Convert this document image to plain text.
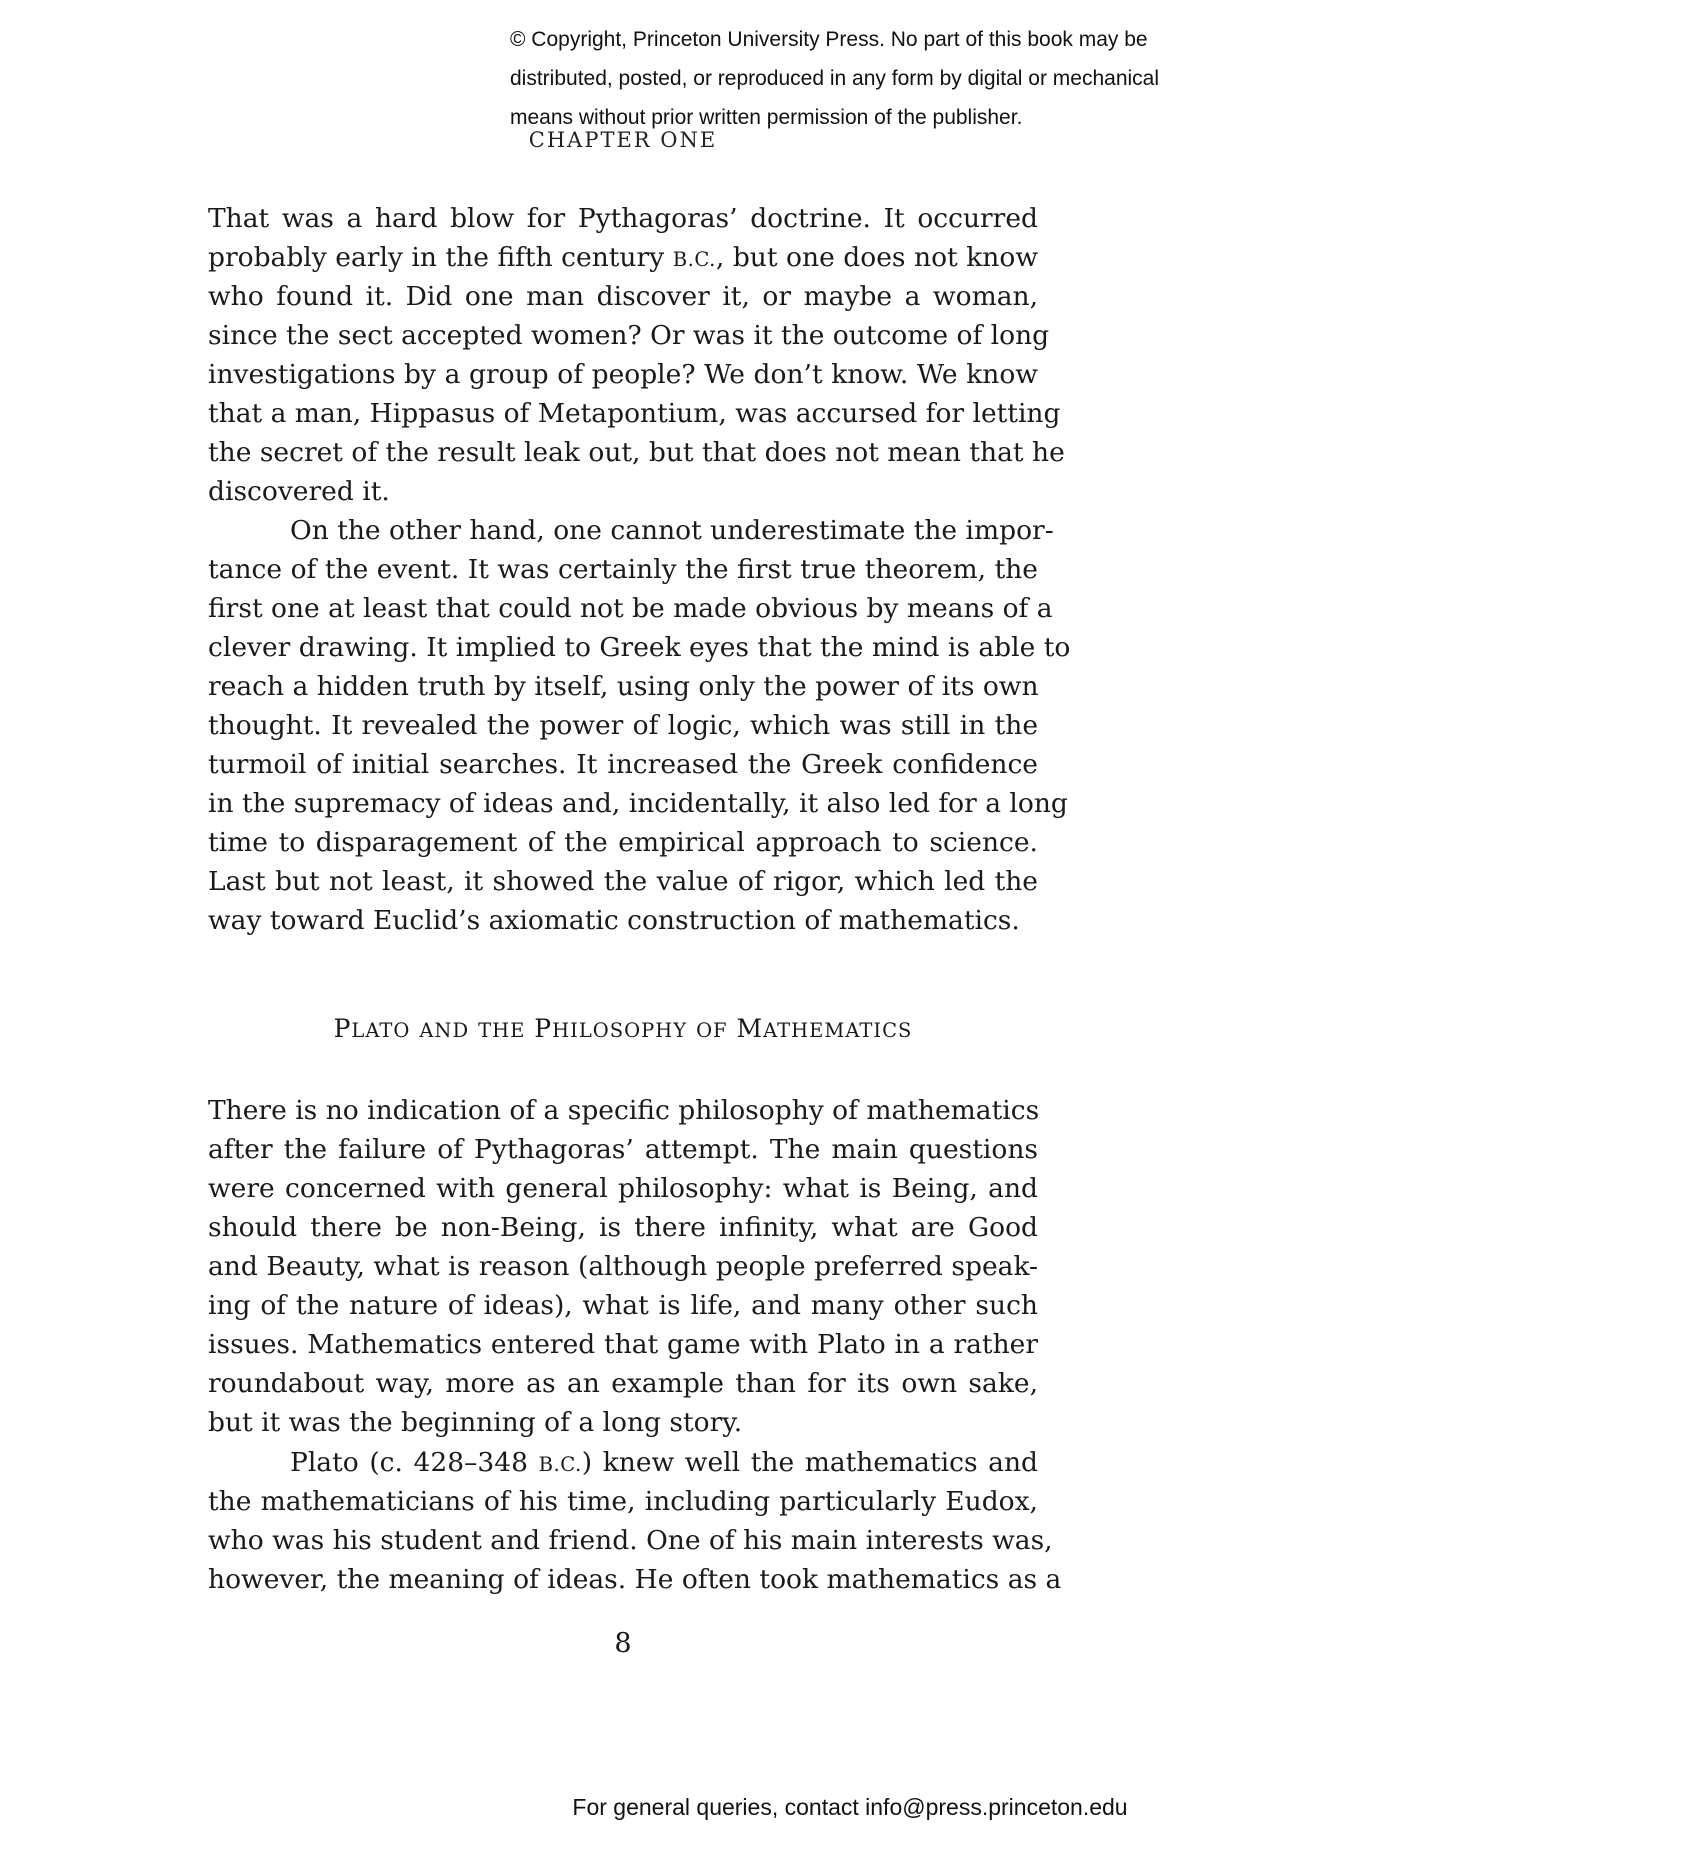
© Copyright, Princeton University Press. No part of this book may be
distributed, posted, or reproduced in any form by digital or mechanical
means without prior written permission of the publisher.
CHAPTER ONE
That was a hard blow for Pythagoras’ doctrine. It occurred
probably early in the fifth century B.C., but one does not know
who found it. Did one man discover it, or maybe a woman,
since the sect accepted women? Or was it the outcome of long
investigations by a group of people? We don’t know. We know
that a man, Hippasus of Metapontium, was accursed for letting
the secret of the result leak out, but that does not mean that he
discovered it.
On the other hand, one cannot underestimate the impor-
tance of the event. It was certainly the first true theorem, the
first one at least that could not be made obvious by means of a
clever drawing. It implied to Greek eyes that the mind is able to
reach a hidden truth by itself, using only the power of its own
thought. It revealed the power of logic, which was still in the
turmoil of initial searches. It increased the Greek confidence
in the supremacy of ideas and, incidentally, it also led for a long
time to disparagement of the empirical approach to science.
Last but not least, it showed the value of rigor, which led the
way toward Euclid’s axiomatic construction of mathematics.
PLATO AND THE PHILOSOPHY OF MATHEMATICS
There is no indication of a specific philosophy of mathematics
after the failure of Pythagoras’ attempt. The main questions
were concerned with general philosophy: what is Being, and
should there be non-Being, is there infinity, what are Good
and Beauty, what is reason (although people preferred speak-
ing of the nature of ideas), what is life, and many other such
issues. Mathematics entered that game with Plato in a rather
roundabout way, more as an example than for its own sake,
but it was the beginning of a long story.
Plato (c. 428–348 B.C.) knew well the mathematics and
the mathematicians of his time, including particularly Eudox,
who was his student and friend. One of his main interests was,
however, the meaning of ideas. He often took mathematics as a
8
For general queries, contact info@press.princeton.edu
